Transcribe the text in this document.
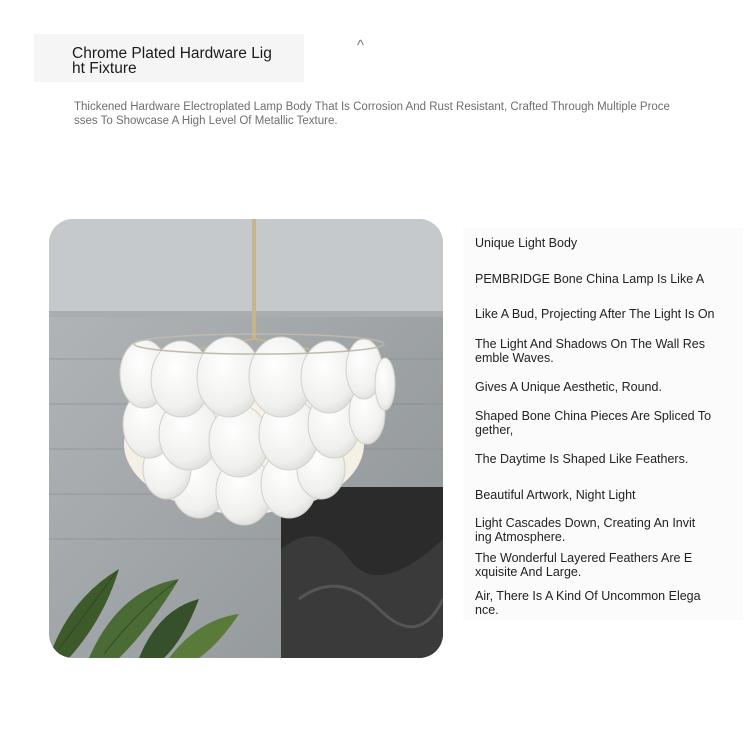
Chrome Plated Hardware Light Fixture
^
Thickened Hardware Electroplated Lamp Body That Is Corrosion And Rust Resistant, Crafted Through Multiple Processes To Showcase A High Level Of Metallic Texture.
Unique Light Body
PEMBRIDGE Bone China Lamp Is Like A
Like A Bud, Projecting After The Light Is On
The Light And Shadows On The Wall Resemble Waves.
Gives A Unique Aesthetic, Round.
Shaped Bone China Pieces Are Spliced Together,
The Daytime Is Shaped Like Feathers.
Beautiful Artwork, Night Light
Light Cascades Down, Creating An Inviting Atmosphere.
The Wonderful Layered Feathers Are Exquisite And Large.
Air, There Is A Kind Of Uncommon Elegance.
